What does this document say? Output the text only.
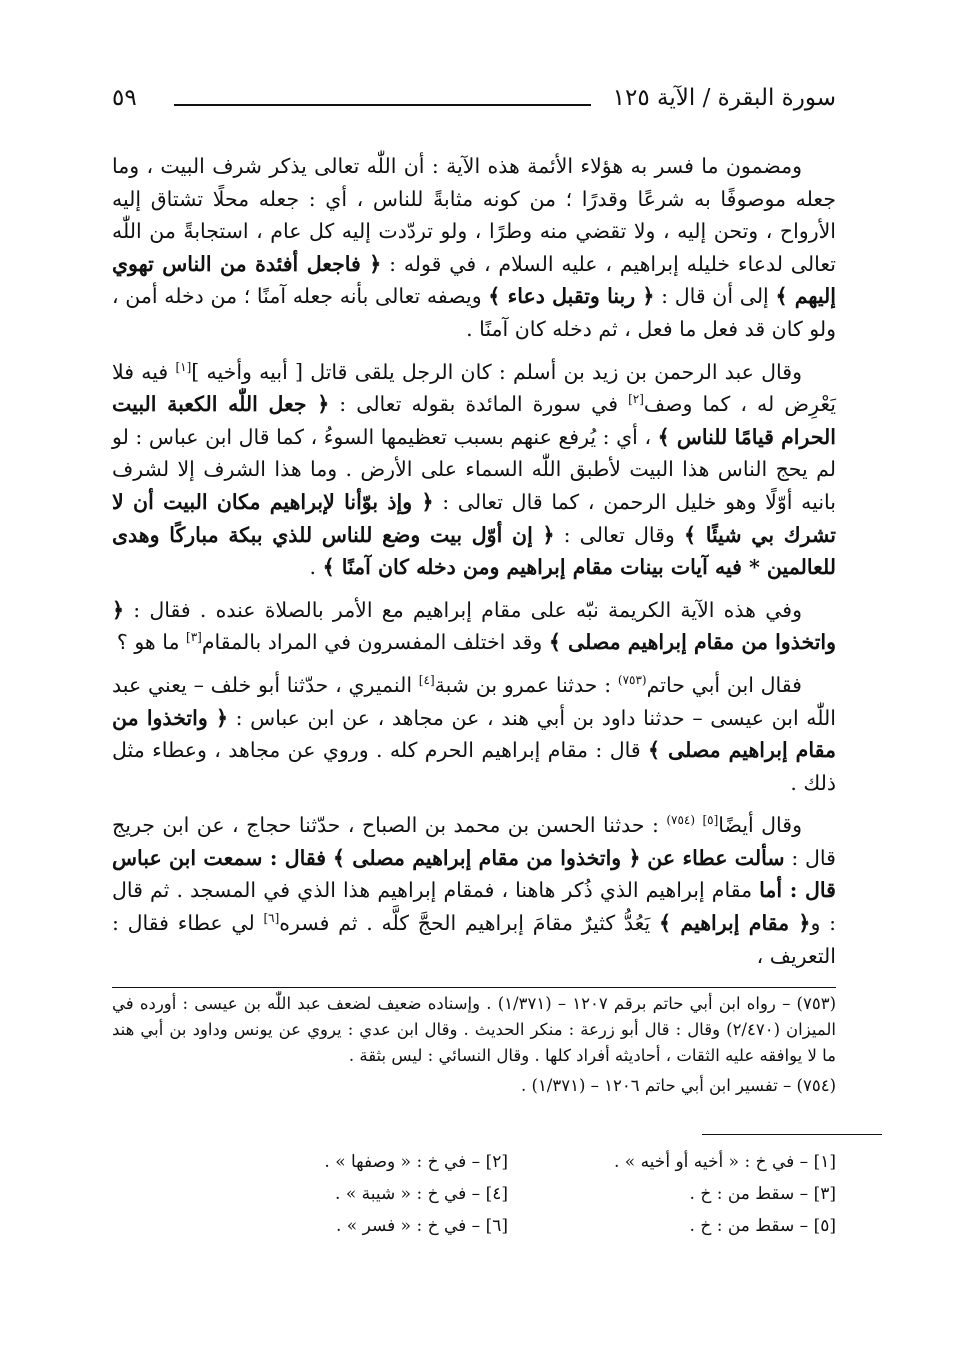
سورة البقرة / الآية ١٢٥
٥٩

ومضمون ما فسر به هؤلاء الأئمة هذه الآية : أن اللّٰه تعالى يذكر شرف البيت ، وما جعله موصوفًا به شرعًا وقدرًا ؛ من كونه مثابةً للناس ، أي : جعله محلًا تشتاق إليه الأرواح ، وتحن إليه ، ولا تقضي منه وطرًا ، ولو تردّدت إليه كل عام ، استجابةً من اللّٰه تعالى لدعاء خليله إبراهيم ، عليه السلام ، في قوله : ﴿ فاجعل أفئدة من الناس تهوي إليهم ﴾ إلى أن قال : ﴿ ربنا وتقبل دعاء ﴾ ويصفه تعالى بأنه جعله آمنًا ؛ من دخله أمن ، ولو كان قد فعل ما فعل ، ثم دخله كان آمنًا .

وقال عبد الرحمن بن زيد بن أسلم : كان الرجل يلقى قاتل [ أبيه وأخيه ][١] فيه فلا يَعْرِض له ، كما وصف[٢] في سورة المائدة بقوله تعالى : ﴿ جعل اللّٰه الكعبة البيت الحرام قيامًا للناس ﴾ ، أي : يُرفع عنهم بسبب تعظيمها السوءُ ، كما قال ابن عباس : لو لم يحج الناس هذا البيت لأطبق اللّٰه السماء على الأرض . وما هذا الشرف إلا لشرف بانيه أوّلًا وهو خليل الرحمن ، كما قال تعالى : ﴿ وإذ بوّأنا لإبراهيم مكان البيت أن لا تشرك بي شيئًا ﴾ وقال تعالى : ﴿ إن أوّل بيت وضع للناس للذي ببكة مباركًا وهدى للعالمين * فيه آيات بينات مقام إبراهيم ومن دخله كان آمنًا ﴾ .

وفي هذه الآية الكريمة نبّه على مقام إبراهيم مع الأمر بالصلاة عنده . فقال : ﴿ واتخذوا من مقام إبراهيم مصلى ﴾ وقد اختلف المفسرون في المراد بالمقام[٣] ما هو ؟

فقال ابن أبي حاتم$^{(٧٥٣)}$ : حدثنا عمرو بن شبة[٤] النميري ، حدّثنا أبو خلف – يعني عبد اللّٰه ابن عيسى – حدثنا داود بن أبي هند ، عن مجاهد ، عن ابن عباس : ﴿ واتخذوا من مقام إبراهيم مصلى ﴾ قال : مقام إبراهيم الحرم كله . وروي عن مجاهد ، وعطاء مثل ذلك .

وقال أيضًا[٥] $^{(٧٥٤)}$ : حدثنا الحسن بن محمد بن الصباح ، حدّثنا حجاج ، عن ابن جريج قال : سألت عطاء عن ﴿ واتخذوا من مقام إبراهيم مصلى ﴾ فقال : سمعت ابن عباس قال : أما مقام إبراهيم الذي ذُكر هاهنا ، فمقام إبراهيم هذا الذي في المسجد . ثم قال : و﴿ مقام إبراهيم ﴾ يَعُدُّ كثيرٌ مقامَ إبراهيم الحجَّ كلَّه . ثم فسره[٦] لي عطاء فقال : التعريف ،

(٧٥٣) – رواه ابن أبي حاتم برقم ١٢٠٧ – (١/٣٧١) . وإسناده ضعيف لضعف عبد اللّٰه بن عيسى : أورده في الميزان (٢/٤٧٠) وقال : قال أبو زرعة : منكر الحديث . وقال ابن عدي : يروي عن يونس وداود بن أبي هند ما لا يوافقه عليه الثقات ، أحاديثه أفراد كلها . وقال النسائي : ليس بثقة .

(٧٥٤) – تفسير ابن أبي حاتم ١٢٠٦ – (١/٣٧١) .

[١] – في خ : « أخيه أو أخيه » .
[٢] – في خ : « وصفها » .
[٣] – سقط من : خ .
[٤] – في خ : « شيبة » .
[٥] – سقط من : خ .
[٦] – في خ : « فسر » .
